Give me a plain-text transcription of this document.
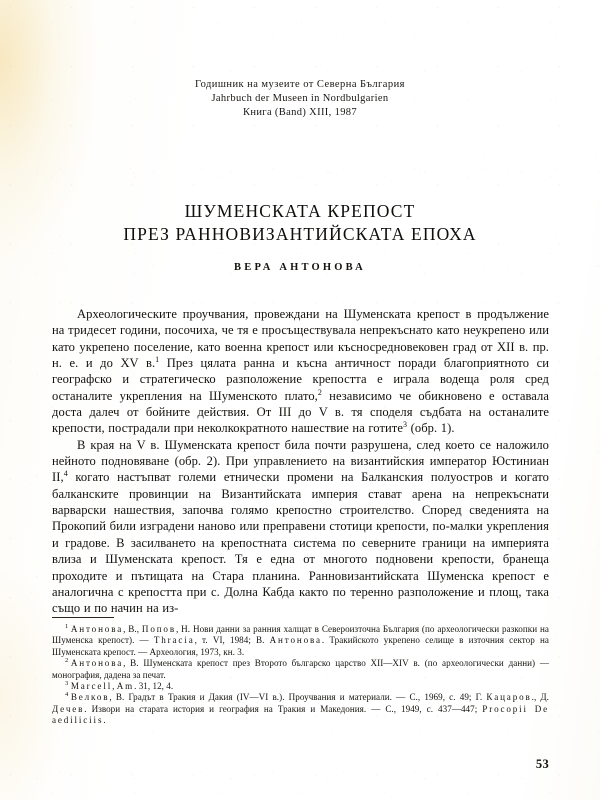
Годишник на музеите от Северна България
Jahrbuch der Museen in Nordbulgarien
Книга (Band) XIII, 1987
ШУМЕНСКАТА КРЕПОСТ
ПРЕЗ РАННОВИЗАНТИЙСКАТА ЕПОХА
ВЕРА АНТОНОВА

Археологическите проучвания, провеждани на Шуменската крепост в продължение на тридесет години, посочиха, че тя е просъществувала непрекъснато като неукрепено или като укрепено поселение, като военна крепост или късносредновековен град от XII в. пр. н. е. и до XV в.$^1$ През цялата ранна и късна античност поради благоприятното си географско и стратегическо разположение крепостта е играла водеща роля сред останалите укрепления на Шуменското плато,$^2$ независимо че обикновено е оставала доста далеч от бойните действия. От III до V в. тя споделя съдбата на останалите крепости, пострадали при неколкократното нашествие на готите$^3$ (обр. 1).

В края на V в. Шуменската крепост била почти разрушена, след което се наложило нейното подновяване (обр. 2). При управлението на византийския император Юстиниан II,$^4$ когато настъпват големи етнически промени на Балканския полуостров и когато балканските провинции на Византийската империя стават арена на непрекъснати варварски нашествия, започва голямо крепостно строителство. Според сведенията на Прокопий били изградени наново или преправени стотици крепости, по-малки укрепления и градове. В засилването на крепостната система по северните граници на империята влиза и Шуменската крепост. Тя е една от многото подновени крепости, бранеща проходите и пътищата на Стара планина. Ранновизантийската Шуменска крепост е аналогична с крепостта при с. Долна Кабда както по теренно разположение и площ, така също и по начин на из-

$^1$ Антонова, В., Попов, Н. Нови данни за ранния халщат в Североизточна България (по археологически разкопки на Шуменска крепост). — Thracia, т. VI, 1984; В. Антонова. Тракийското укрепено селище в източния сектор на Шуменската крепост. — Археология, 1973, кн. 3.

$^2$ Антонова, В. Шуменската крепост през Второто българско царство XII—XIV в. (по археологически данни) — монография, дадена за печат.

$^3$ Marcell, Am. 31, 12, 4.

$^4$ Велков, В. Градът в Тракия и Дакия (IV—VI в.). Проучвания и материали. — С., 1969, с. 49; Г. Кацаров., Д. Дечев. Извори на старата история и география на Тракия и Македония. — С., 1949, с. 437—447; Procopii De aediliciis.

53
